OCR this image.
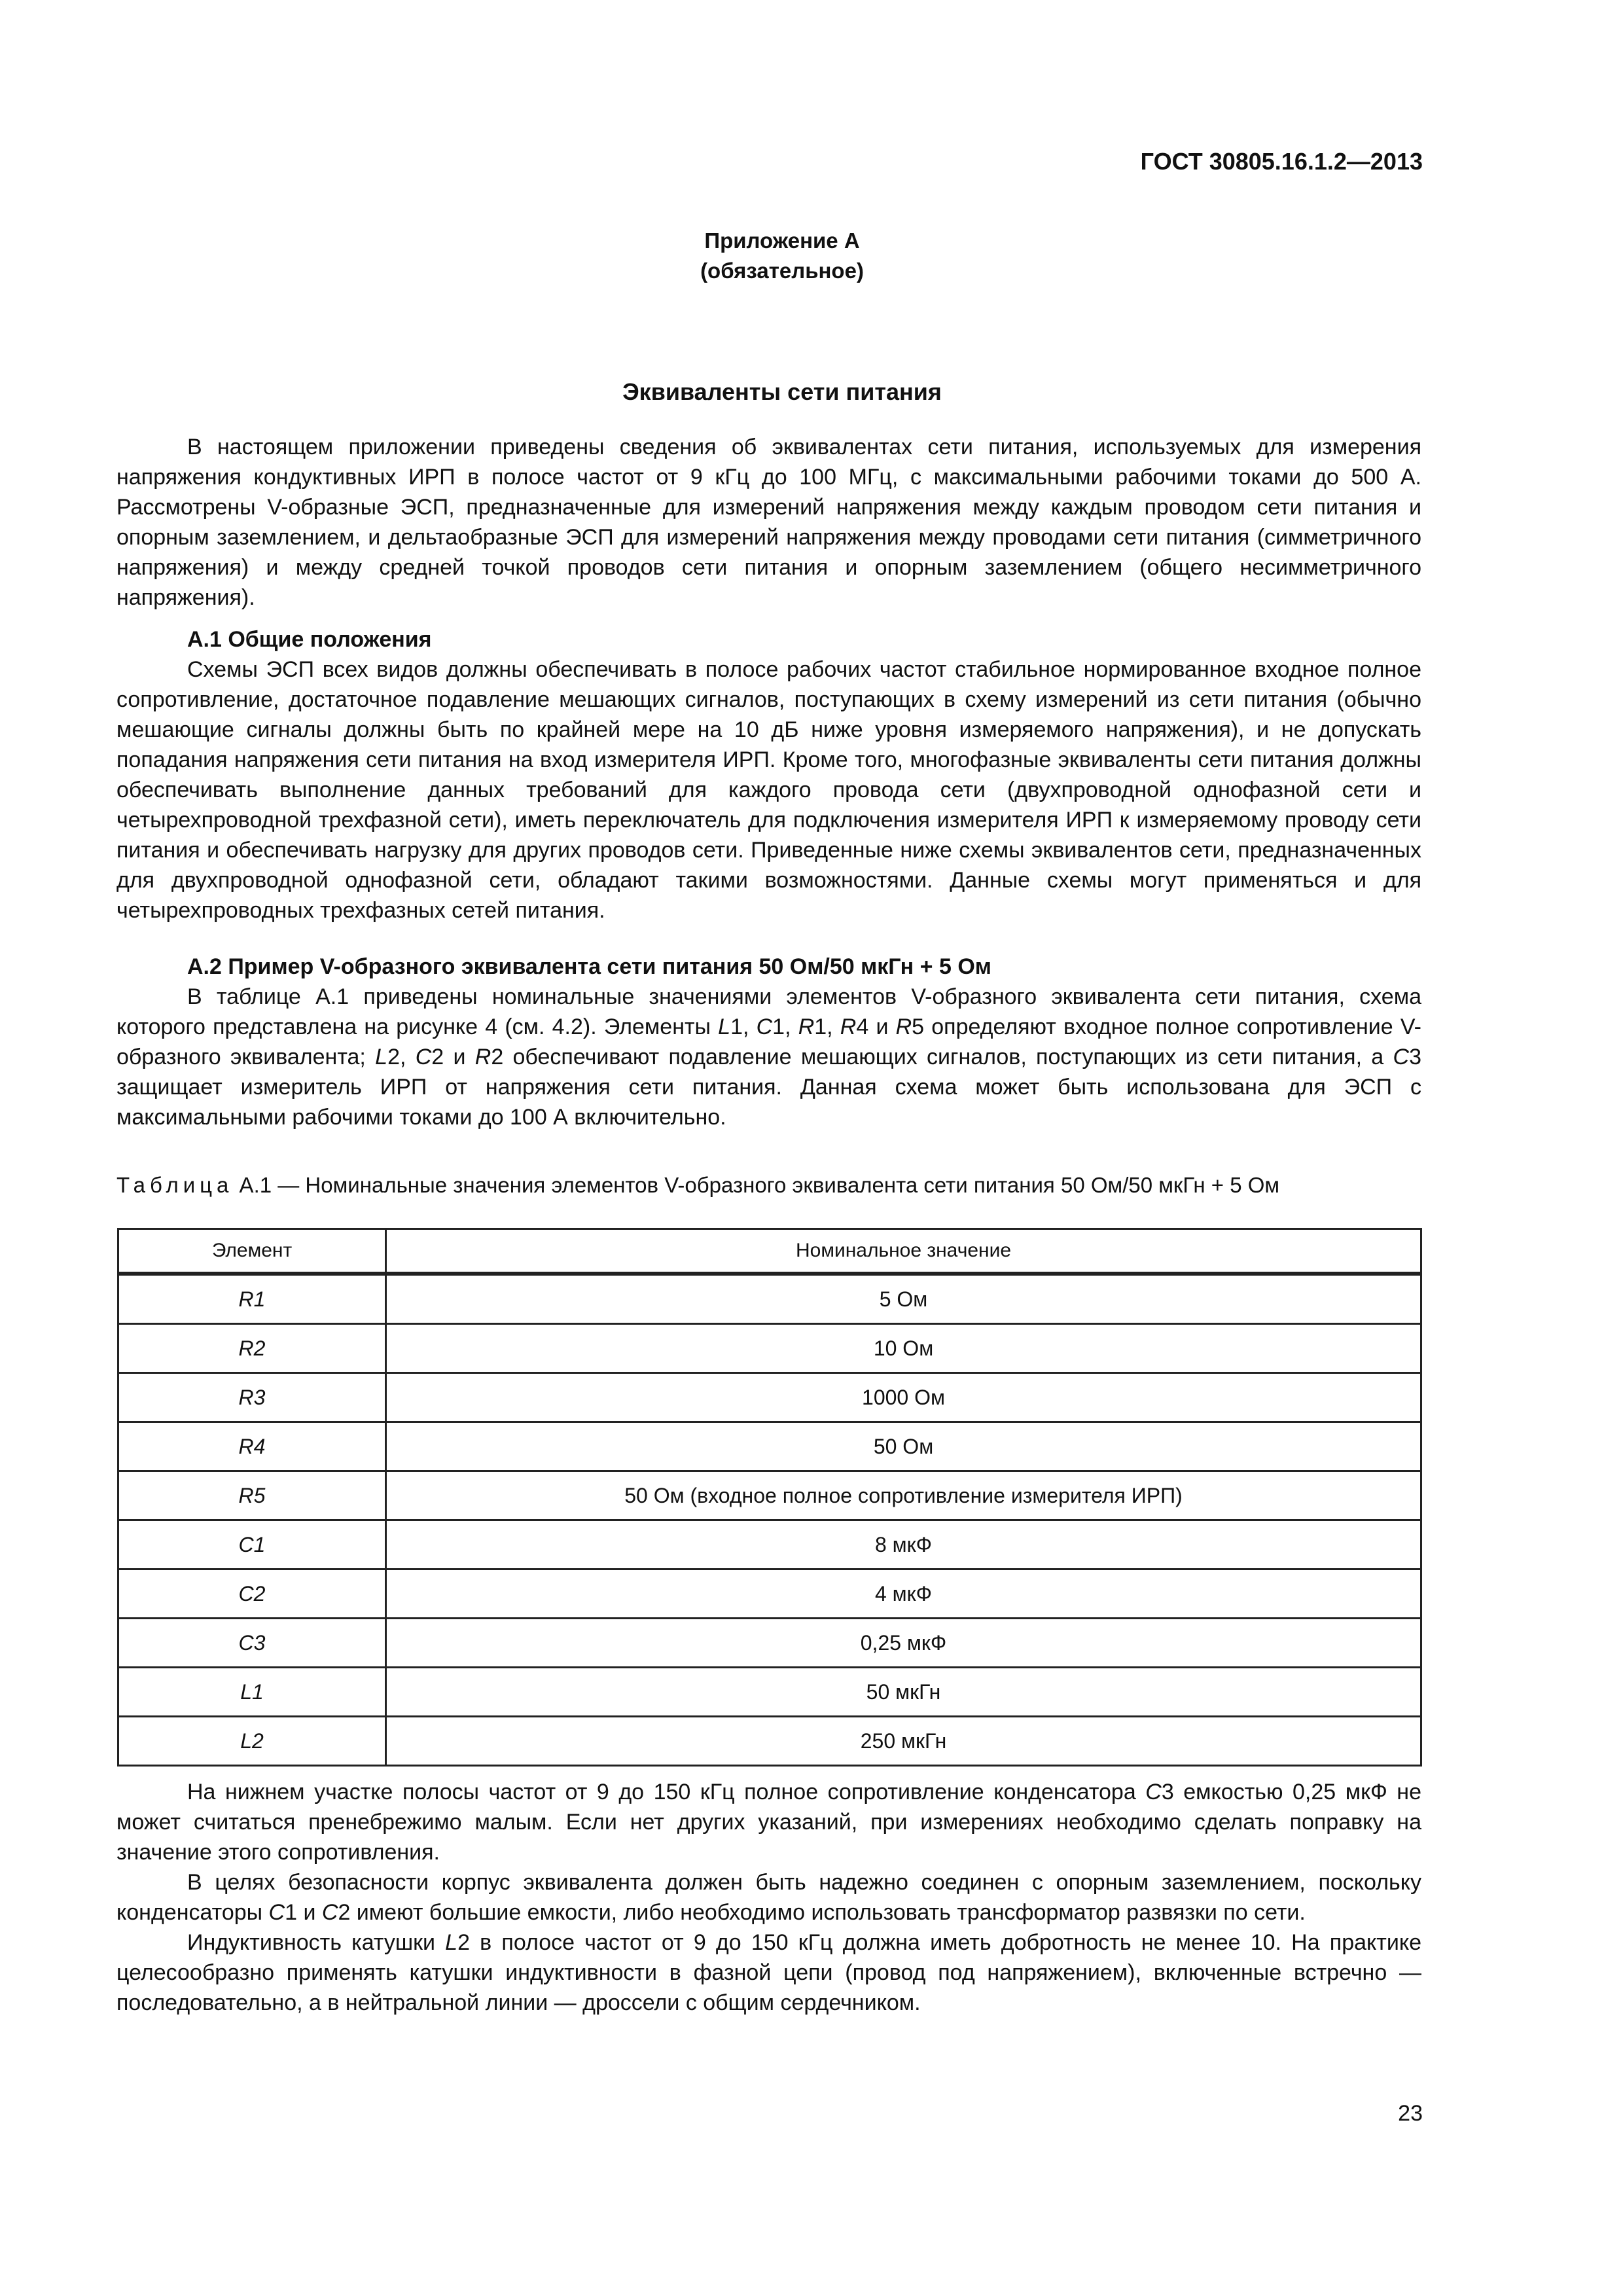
ГОСТ 30805.16.1.2—2013
Приложение А
(обязательное)
Эквиваленты сети питания

В настоящем приложении приведены сведения об эквивалентах сети питания, используемых для измерения напряжения кондуктивных ИРП в полосе частот от 9 кГц до 100 МГц, с максимальными рабочими токами до 500 А. Рассмотрены V-образные ЭСП, предназначенные для измерений напряжения между каждым проводом сети питания и опорным заземлением, и дельтаобразные ЭСП для измерений напряжения между проводами сети питания (симметричного напряжения) и между средней точкой проводов сети питания и опорным заземлением (общего несимметричного напряжения).

А.1 Общие положения

Схемы ЭСП всех видов должны обеспечивать в полосе рабочих частот стабильное нормированное входное полное сопротивление, достаточное подавление мешающих сигналов, поступающих в схему измерений из сети питания (обычно мешающие сигналы должны быть по крайней мере на 10 дБ ниже уровня измеряемого напряжения), и не допускать попадания напряжения сети питания на вход измерителя ИРП. Кроме того, многофазные эквиваленты сети питания должны обеспечивать выполнение данных требований для каждого провода сети (двухпроводной однофазной сети и четырехпроводной трехфазной сети), иметь переключатель для подключения измерителя ИРП к измеряемому проводу сети питания и обеспечивать нагрузку для других проводов сети. Приведенные ниже схемы эквивалентов сети, предназначенных для двухпроводной однофазной сети, обладают такими возможностями. Данные схемы могут применяться и для четырехпроводных трехфазных сетей питания.

А.2 Пример V-образного эквивалента сети питания 50 Ом/50 мкГн + 5 Ом

В таблице А.1 приведены номинальные значениями элементов V-образного эквивалента сети питания, схема которого представлена на рисунке 4 (см. 4.2). Элементы L1, C1, R1, R4 и R5 определяют входное полное сопротивление V- образного эквивалента; L2, C2 и R2 обеспечивают подавление мешающих сигналов, поступающих из сети питания, а C3 защищает измеритель ИРП от напряжения сети питания. Данная схема может быть использована для ЭСП с максимальными рабочими токами до 100 А включительно.

Таблица А.1 — Номинальные значения элементов V-образного эквивалента сети питания 50 Ом/50 мкГн + 5 Ом
Элемент	Номинальное значение
R1	5 Ом
R2	10 Ом
R3	1000 Ом
R4	50 Ом
R5	50 Ом (входное полное сопротивление измерителя ИРП)
C1	8 мкФ
C2	4 мкФ
C3	0,25 мкФ
L1	50 мкГн
L2	250 мкГн

На нижнем участке полосы частот от 9 до 150 кГц полное сопротивление конденсатора C3 емкостью 0,25 мкФ не может считаться пренебрежимо малым. Если нет других указаний, при измерениях необходимо сделать поправку на значение этого сопротивления.

В целях безопасности корпус эквивалента должен быть надежно соединен с опорным заземлением, поскольку конденсаторы C1 и C2 имеют большие емкости, либо необходимо использовать трансформатор развязки по сети.

Индуктивность катушки L2 в полосе частот от 9 до 150 кГц должна иметь добротность не менее 10. На практике целесообразно применять катушки индуктивности в фазной цепи (провод под напряжением), включенные встречно — последовательно, а в нейтральной линии — дроссели с общим сердечником.

23
